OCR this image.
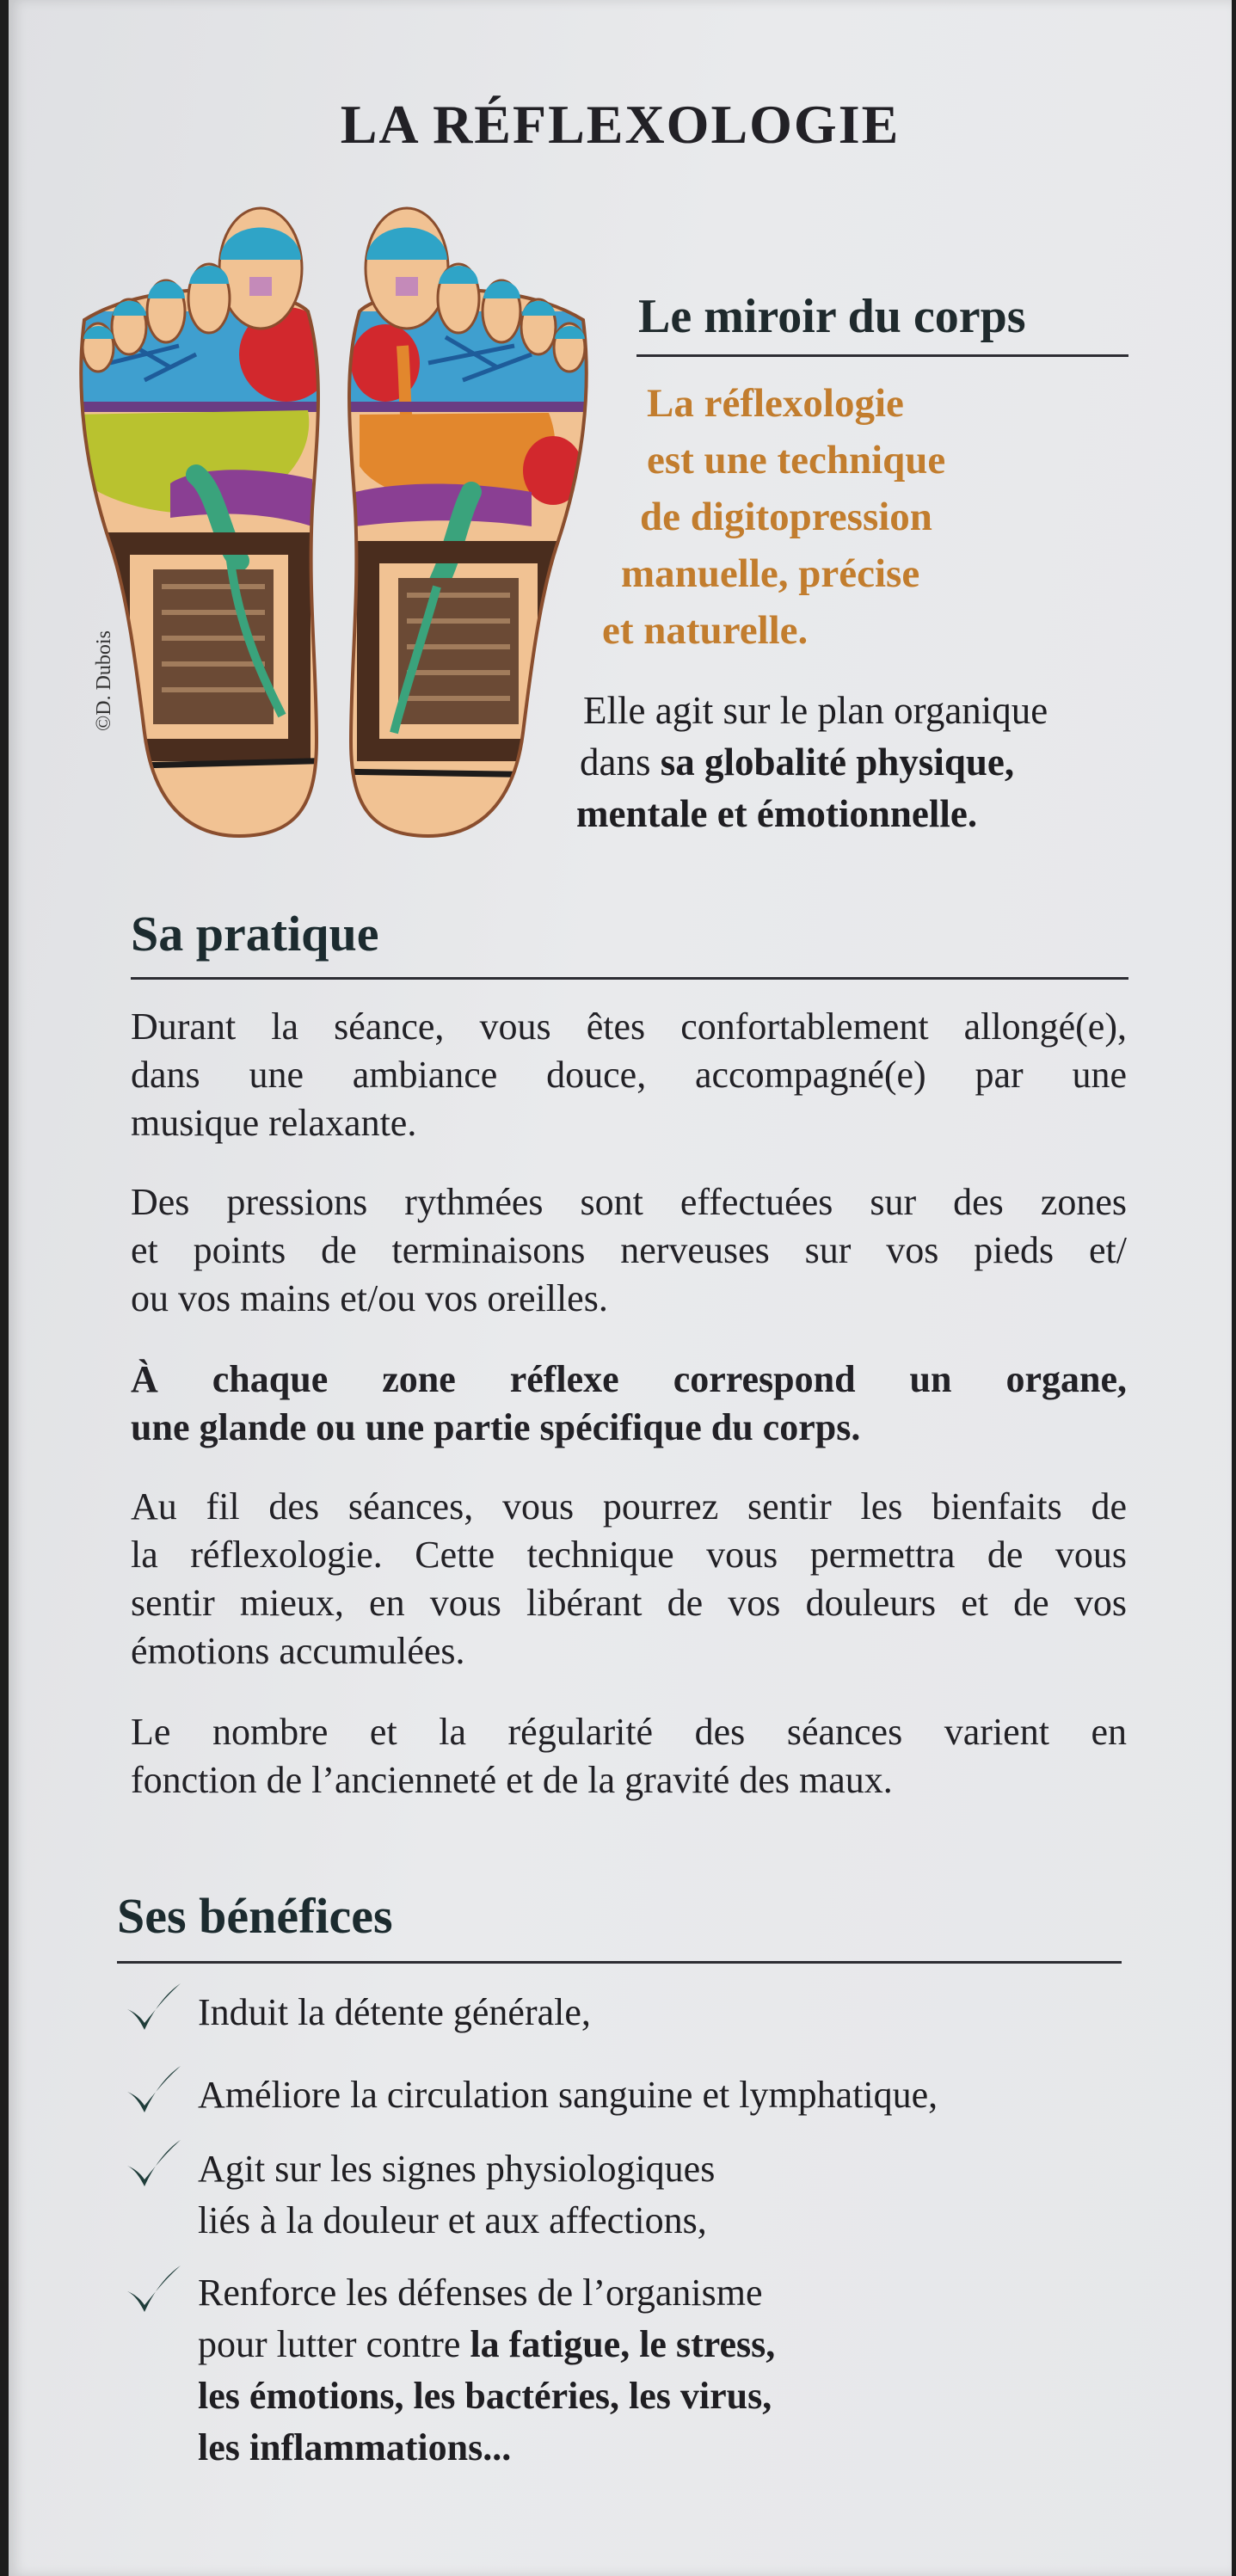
LA RÉFLEXOLOGIE
©D. Dubois
Le miroir du corps
La réflexologie
est une technique
de digitopression
manuelle, précise
et naturelle.
Elle agit sur le plan organique
dans sa globalité physique,
mentale et émotionnelle.
Sa pratique
Durant la séance, vous êtes confortablement allongé(e),
dans une ambiance douce, accompagné(e) par une
musique relaxante.
Des pressions rythmées sont effectuées sur des zones
et points de terminaisons nerveuses sur vos pieds et/
ou vos mains et/ou vos oreilles.
À chaque zone réflexe correspond un organe,
une glande ou une partie spécifique du corps.
Au fil des séances, vous pourrez sentir les bienfaits de
la réflexologie. Cette technique vous permettra de vous
sentir mieux, en vous libérant de vos douleurs et de vos
émotions accumulées.
Le nombre et la régularité des séances varient en
fonction de l’ancienneté et de la gravité des maux.
Ses bénéfices
Induit la détente générale,
Améliore la circulation sanguine et lymphatique,
Agit sur les signes physiologiques
liés à la douleur et aux affections,
Renforce les défenses de l’organisme
pour lutter contre la fatigue, le stress,
les émotions, les bactéries, les virus,
les inflammations...
